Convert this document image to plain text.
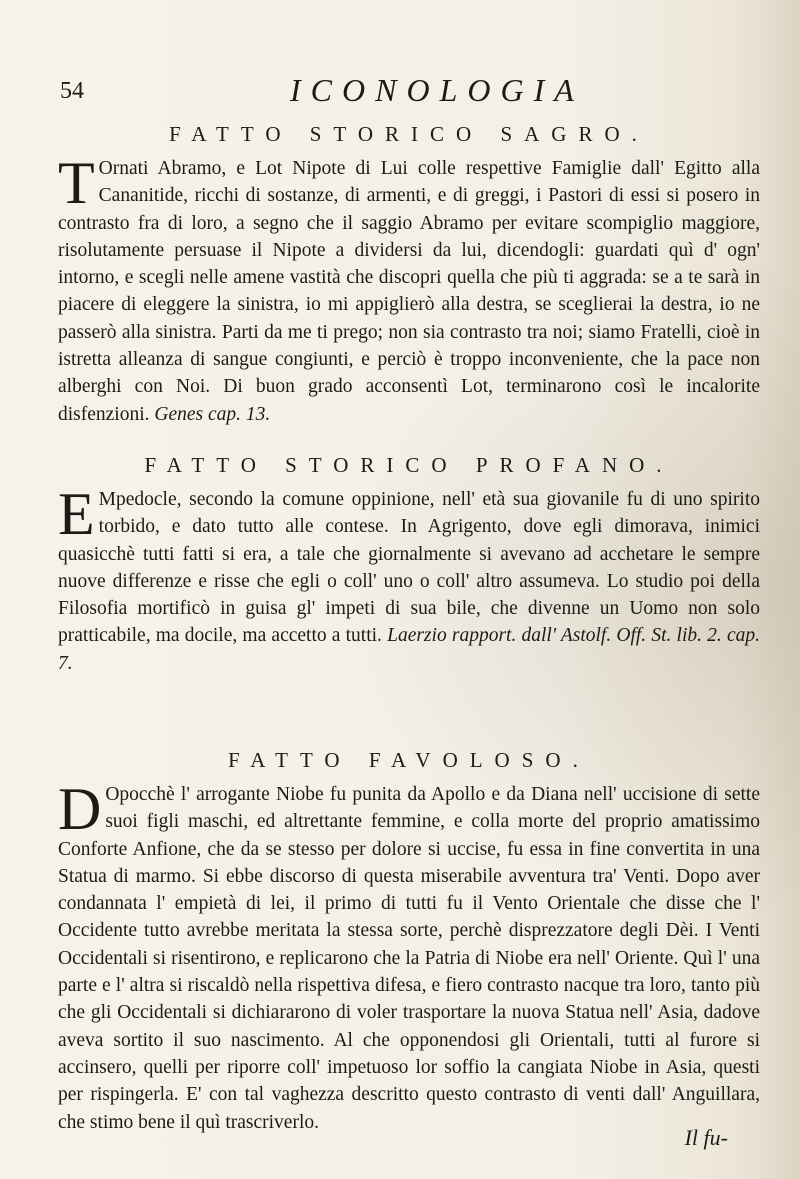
54	ICONOLOGIA
FATTO STORICO SAGRO.

T Ornati Abramo, e Lot Nipote di Lui colle respettive Famiglie dall' Egitto alla Cananitide, ricchi di sostanze, di armenti, e di greggi, i Pastori di essi si posero in contrasto fra di loro, a segno che il saggio Abramo per evitare scompiglio maggiore, risolutamente persuase il Nipote a dividersi da lui, dicendogli: guardati quì d' ogn' intorno, e scegli nelle amene vastità che discopri quella che più ti aggrada: se a te sarà in piacere di eleggere la sinistra, io mi appiglierò alla destra, se sceglierai la destra, io ne passerò alla sinistra. Parti da me ti prego; non sia contrasto tra noi; siamo Fratelli, cioè in istretta alleanza di sangue congiunti, e perciò è troppo inconveniente, che la pace non alberghi con Noi. Di buon grado acconsentì Lot, terminarono così le incalorite disfenzioni. Genes cap. 13.

FATTO STORICO PROFANO.

E Mpedocle, secondo la comune oppinione, nell' età sua giovanile fu di uno spirito torbido, e dato tutto alle contese. In Agrigento, dove egli dimorava, inimici quasicchè tutti fatti si era, a tale che giornalmente si avevano ad acchetare le sempre nuove differenze e risse che egli o coll' uno o coll' altro assumeva. Lo studio poi della Filosofia mortificò in guisa gl' impeti di sua bile, che divenne un Uomo non solo pratticabile, ma docile, ma accetto a tutti. Laerzio rapport. dall' Astolf. Off. St. lib. 2. cap. 7.

FATTO FAVOLOSO.

D Opocchè l' arrogante Niobe fu punita da Apollo e da Diana nell' uccisione di sette suoi figli maschi, ed altrettante femmine, e colla morte del proprio amatissimo Conforte Anfione, che da se stesso per dolore si uccise, fu essa in fine convertita in una Statua di marmo. Si ebbe discorso di questa miserabile avventura tra' Venti. Dopo aver condannata l' empietà di lei, il primo di tutti fu il Vento Orientale che disse che l' Occidente tutto avrebbe meritata la stessa sorte, perchè disprezzatore degli Dèi. I Venti Occidentali si risentirono, e replicarono che la Patria di Niobe era nell' Oriente. Quì l' una parte e l' altra si riscaldò nella rispettiva difesa, e fiero contrasto nacque tra loro, tanto più che gli Occidentali si dichiararono di voler trasportare la nuova Statua nell' Asia, dadove aveva sortito il suo nascimento. Al che opponendosi gli Orientali, tutti al furore si accinsero, quelli per riporre coll' impetuoso lor soffio la cangiata Niobe in Asia, questi per rispingerla. E' con tal vaghezza descritto questo contrasto di venti dall' Anguillara, che stimo bene il quì trascriverlo.

Il fu-
